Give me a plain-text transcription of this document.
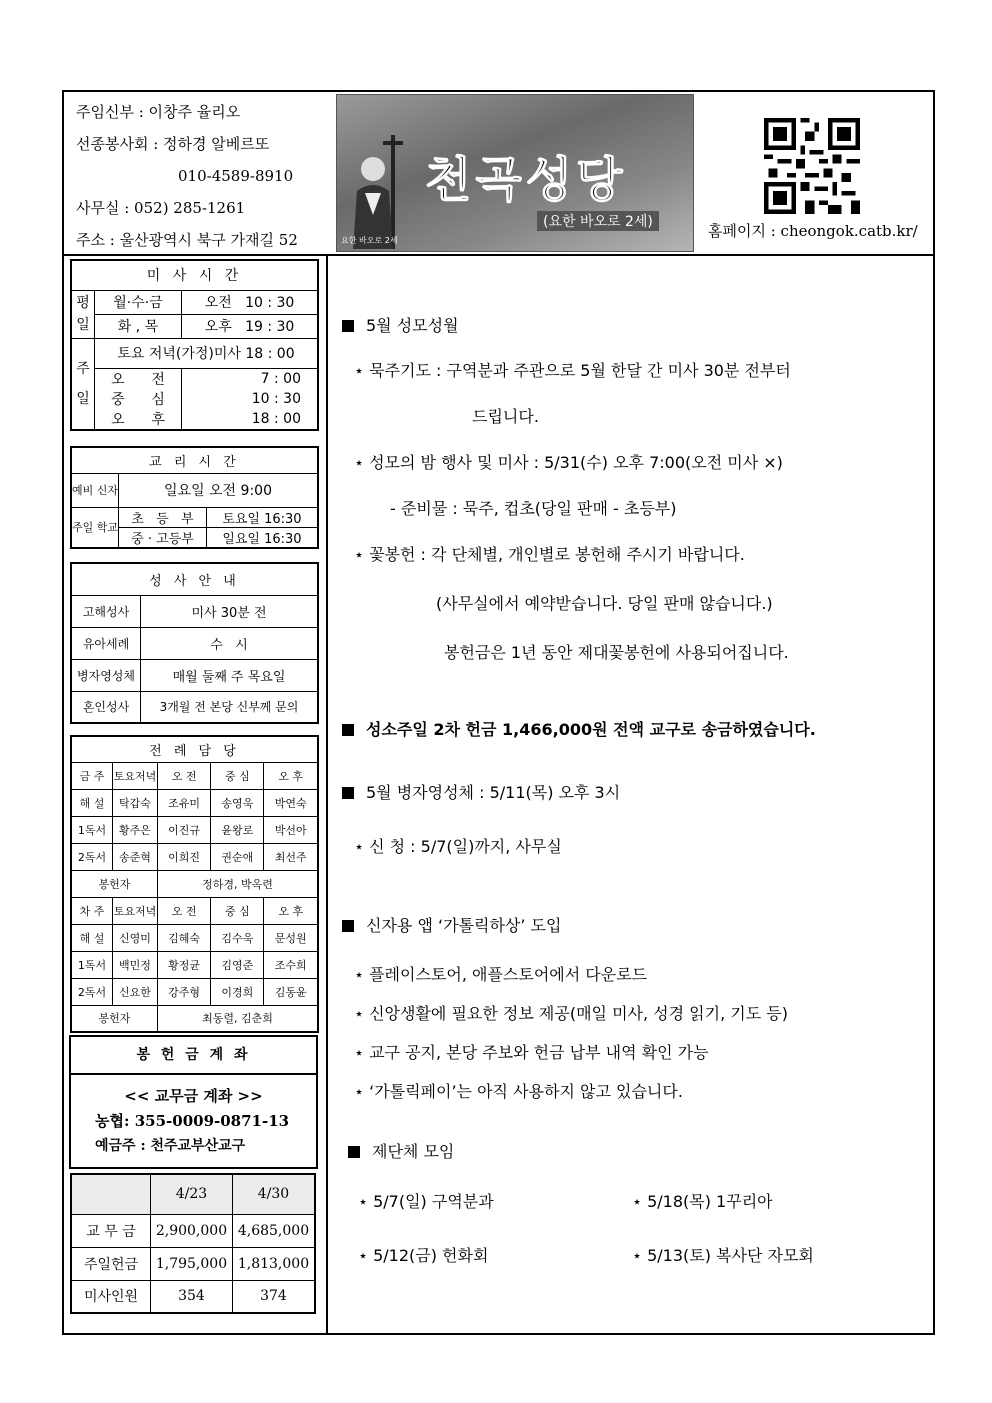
주임신부 : 이창주 율리오
선종봉사회 : 정하경 알베르또
010-4589-8910
사무실 : 052) 285-1261
주소 : 울산광역시 북구 가재길 52
천곡성당
(요한 바오로 2세)
요한 바오로 2세
홈페이지 : cheongok.catb.kr/
미 사 시 간		
평일	월·수·금	오전   10 : 30
	화 , 목	오후   19 : 30
주일	토요 저녁(가정)미사 18 : 00	
	오      전	7 : 00
	중      심	10 : 30
	오      후	18 : 00
교 리 시 간		
예비 신자	일요일 오전 9:00	
주일 학교	초   등   부	토요일 16:30
	중 · 고등부	일요일 16:30
성 사 안 내	
고해성사	미사 30분 전
유아세례	수   시
병자영성체	매월 둘째 주 목요일
혼인성사	3개월 전 본당 신부께 문의
전 례 담 당				
금 주	토요저녁	오 전	중 심	오 후
해 설	탁갑숙	조유미	송영욱	박연숙
1독서	황주은	이진규	윤왕로	박선아
2독서	송준혁	이희진	권순애	최선주
봉헌자		정하경, 박옥련		
차 주	토요저녁	오 전	중 심	오 후
해 설	신영미	김혜숙	김수욱	문성원
1독서	백민정	황정균	김영준	조수희
2독서	신요한	강주형	이경희	김동윤
봉헌자		최동렬, 김춘희		
봉 헌 금 계 좌
<< 교무금 계좌 >>
농협: 355-0009-0871-13
예금주 : 천주교부산교구
	4/23	4/30
교 무 금	2,900,000	4,685,000
주일헌금	1,795,000	1,813,000
미사인원	354	374
5월 성모성월
⋆ 묵주기도 : 구역분과 주관으로 5월 한달 간 미사 30분 전부터
드립니다.
⋆ 성모의 밤 행사 및 미사 : 5/31(수) 오후 7:00(오전 미사 ×)
- 준비물 : 묵주, 컵초(당일 판매 - 초등부)
⋆ 꽃봉헌 : 각 단체별, 개인별로 봉헌해 주시기 바랍니다.
(사무실에서 예약받습니다. 당일 판매 않습니다.)
봉헌금은 1년 동안 제대꽃봉헌에 사용되어집니다.
성소주일 2차 헌금 1,466,000원 전액 교구로 송금하였습니다.
5월 병자영성체 : 5/11(목) 오후 3시
⋆ 신 청 : 5/7(일)까지, 사무실
신자용 앱 ‘가톨릭하상’ 도입
⋆ 플레이스토어, 애플스토어에서 다운로드
⋆ 신앙생활에 필요한 정보 제공(매일 미사, 성경 읽기, 기도 등)
⋆ 교구 공지, 본당 주보와 헌금 납부 내역 확인 가능
⋆ ‘가톨릭페이’는 아직 사용하지 않고 있습니다.
제단체 모임
⋆ 5/7(일) 구역분과	⋆ 5/18(목) 1꾸리아
⋆ 5/12(금) 헌화회	⋆ 5/13(토) 복사단 자모회
